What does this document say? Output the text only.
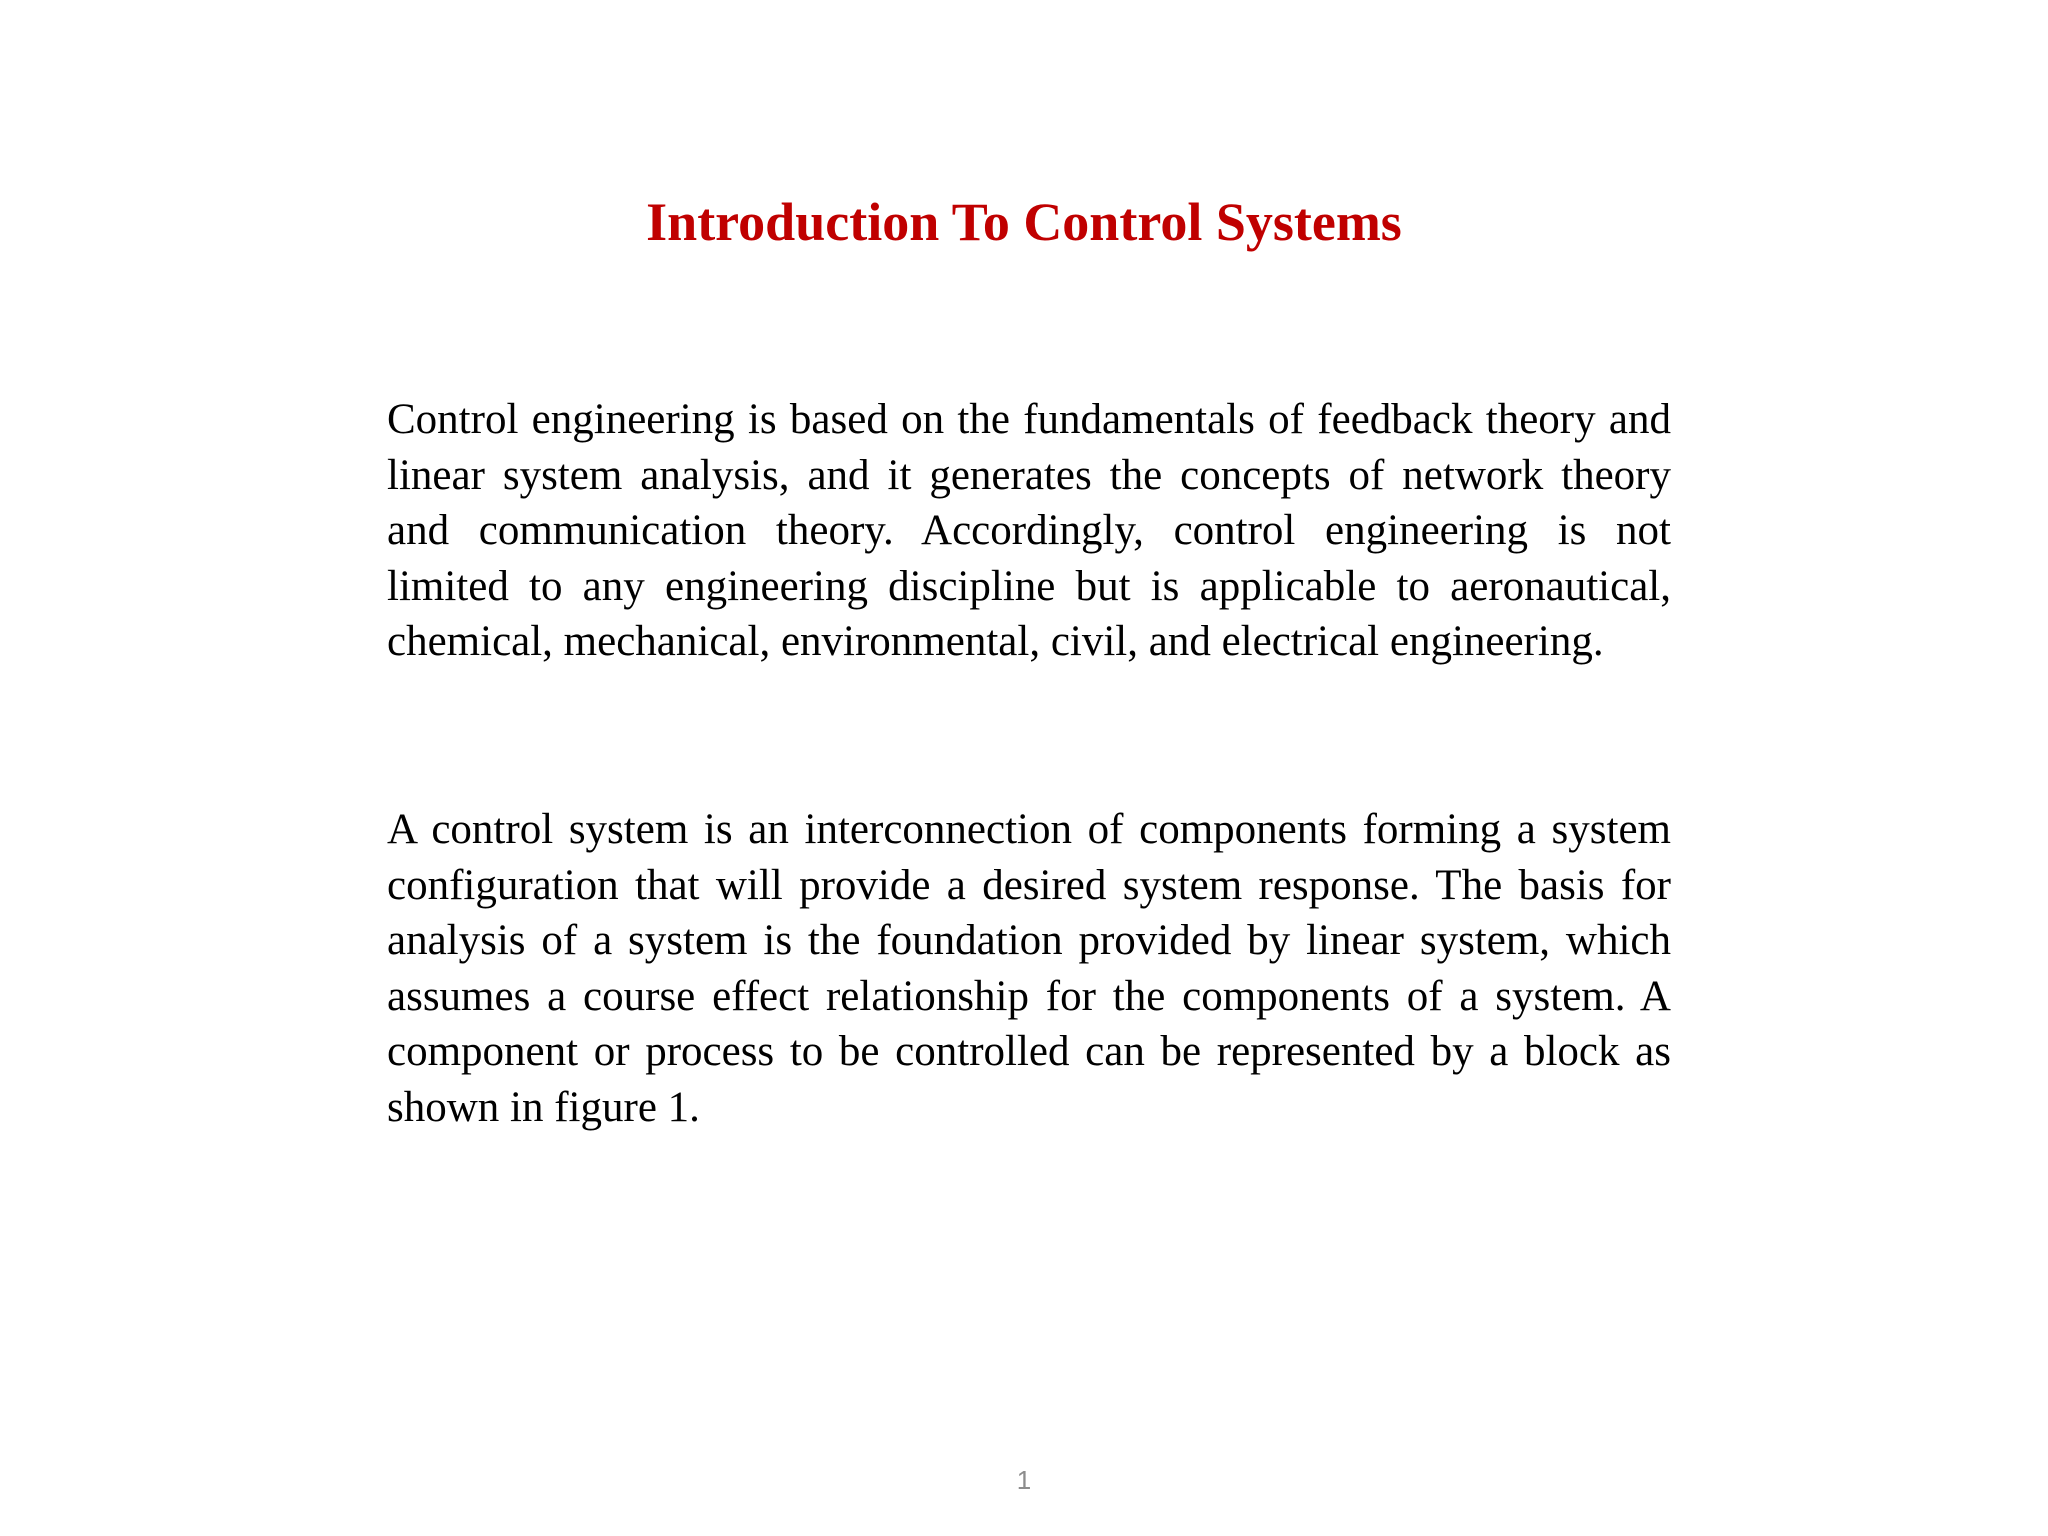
Introduction To Control Systems

Control engineering is based on the fundamentals of feedback theory and linear system analysis, and it generates the concepts of network theory and communication theory. Accordingly, control engineering is not limited to any engineering discipline but is applicable to aeronautical, chemical, mechanical, environmental, civil, and electrical engineering.

A control system is an interconnection of components forming a system configuration that will provide a desired system response. The basis for analysis of a system is the foundation provided by linear system, which assumes a course effect relationship for the components of a system. A component or process to be controlled can be represented by a block as shown in figure 1.

1
